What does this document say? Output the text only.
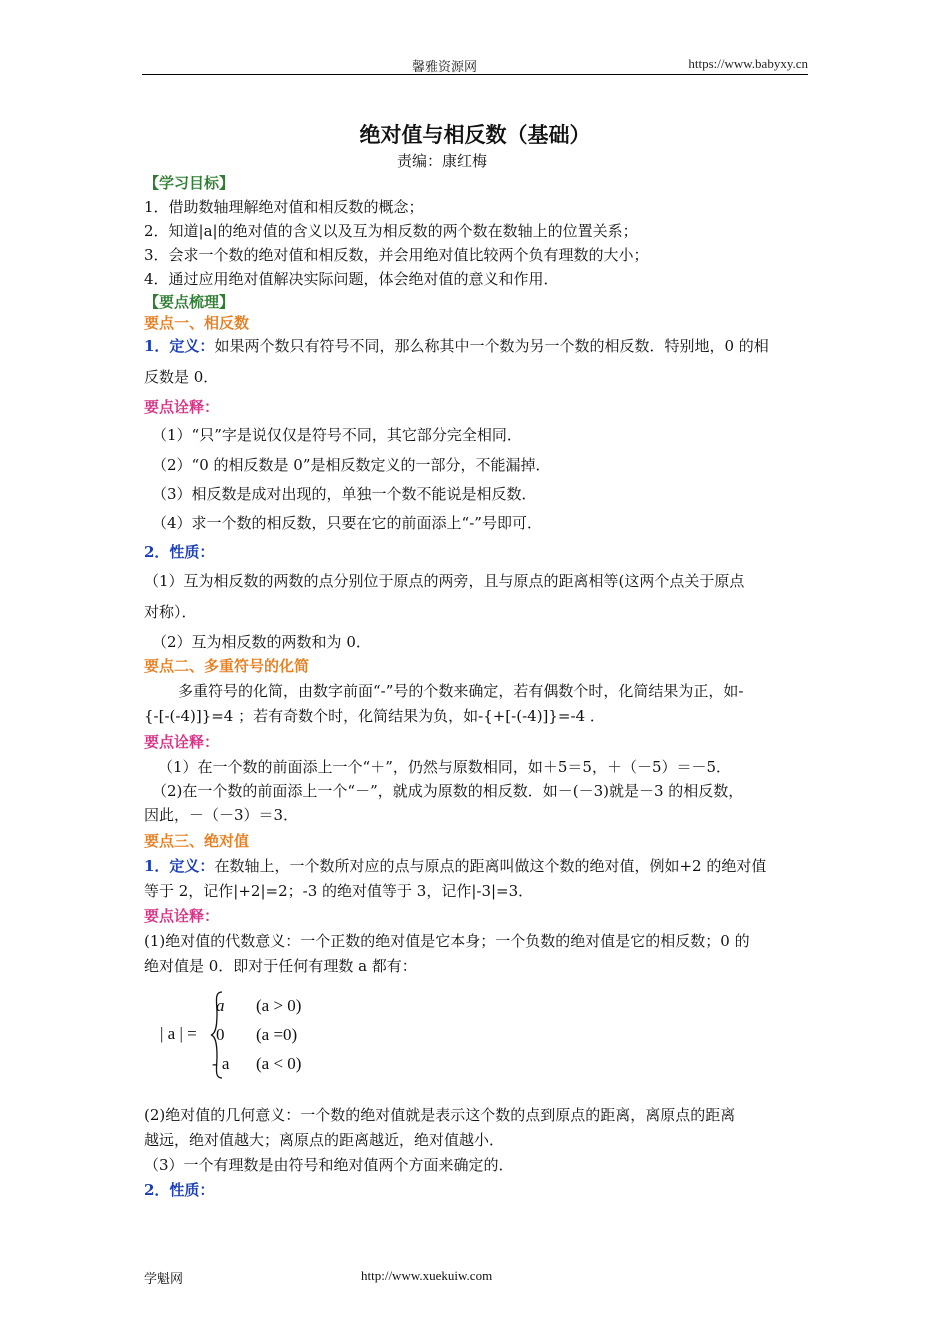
馨雅资源网	https://www.babyxy.cn
绝对值与相反数（基础）
责编：康红梅
【学习目标】
1．借助数轴理解绝对值和相反数的概念；
2．知道|a|的绝对值的含义以及互为相反数的两个数在数轴上的位置关系；
3．会求一个数的绝对值和相反数，并会用绝对值比较两个负有理数的大小；
4．通过应用绝对值解决实际问题，体会绝对值的意义和作用．
【要点梳理】
要点一、相反数
1．定义：如果两个数只有符号不同，那么称其中一个数为另一个数的相反数．特别地，0 的相
反数是 0．
要点诠释：
（1）“只”字是说仅仅是符号不同，其它部分完全相同．
（2）“0 的相反数是 0”是相反数定义的一部分，不能漏掉．
（3）相反数是成对出现的，单独一个数不能说是相反数．
（4）求一个数的相反数，只要在它的前面添上“-”号即可．
2．性质：
（1）互为相反数的两数的点分别位于原点的两旁，且与原点的距离相等(这两个点关于原点
对称）．
（2）互为相反数的两数和为 0．
要点二、多重符号的化简
多重符号的化简，由数字前面“-”号的个数来确定，若有偶数个时，化简结果为正，如-
{-[-(-4)]}=4 ；若有奇数个时，化简结果为负，如-{+[-(-4)]}=-4 ．
要点诠释：
（1）在一个数的前面添上一个“＋”，仍然与原数相同，如＋5＝5，＋（－5）＝－5．
（2)在一个数的前面添上一个“－”，就成为原数的相反数．如－(－3)就是－3 的相反数，
因此，－（－3）＝3．
要点三、绝对值
1．定义：在数轴上，一个数所对应的点与原点的距离叫做这个数的绝对值，例如+2 的绝对值
等于 2，记作|+2|=2；-3 的绝对值等于 3，记作|-3|=3．
要点诠释：
(1)绝对值的代数意义：一个正数的绝对值是它本身；一个负数的绝对值是它的相反数；0 的
绝对值是 0．即对于任何有理数 a 都有：
| a | =
a (a > 0)
0 (a =0)
- a (a < 0)
(2)绝对值的几何意义：一个数的绝对值就是表示这个数的点到原点的距离，离原点的距离
越远，绝对值越大；离原点的距离越近，绝对值越小．
（3）一个有理数是由符号和绝对值两个方面来确定的．
2．性质：
学魁网	http://www.xuekuiw.com
